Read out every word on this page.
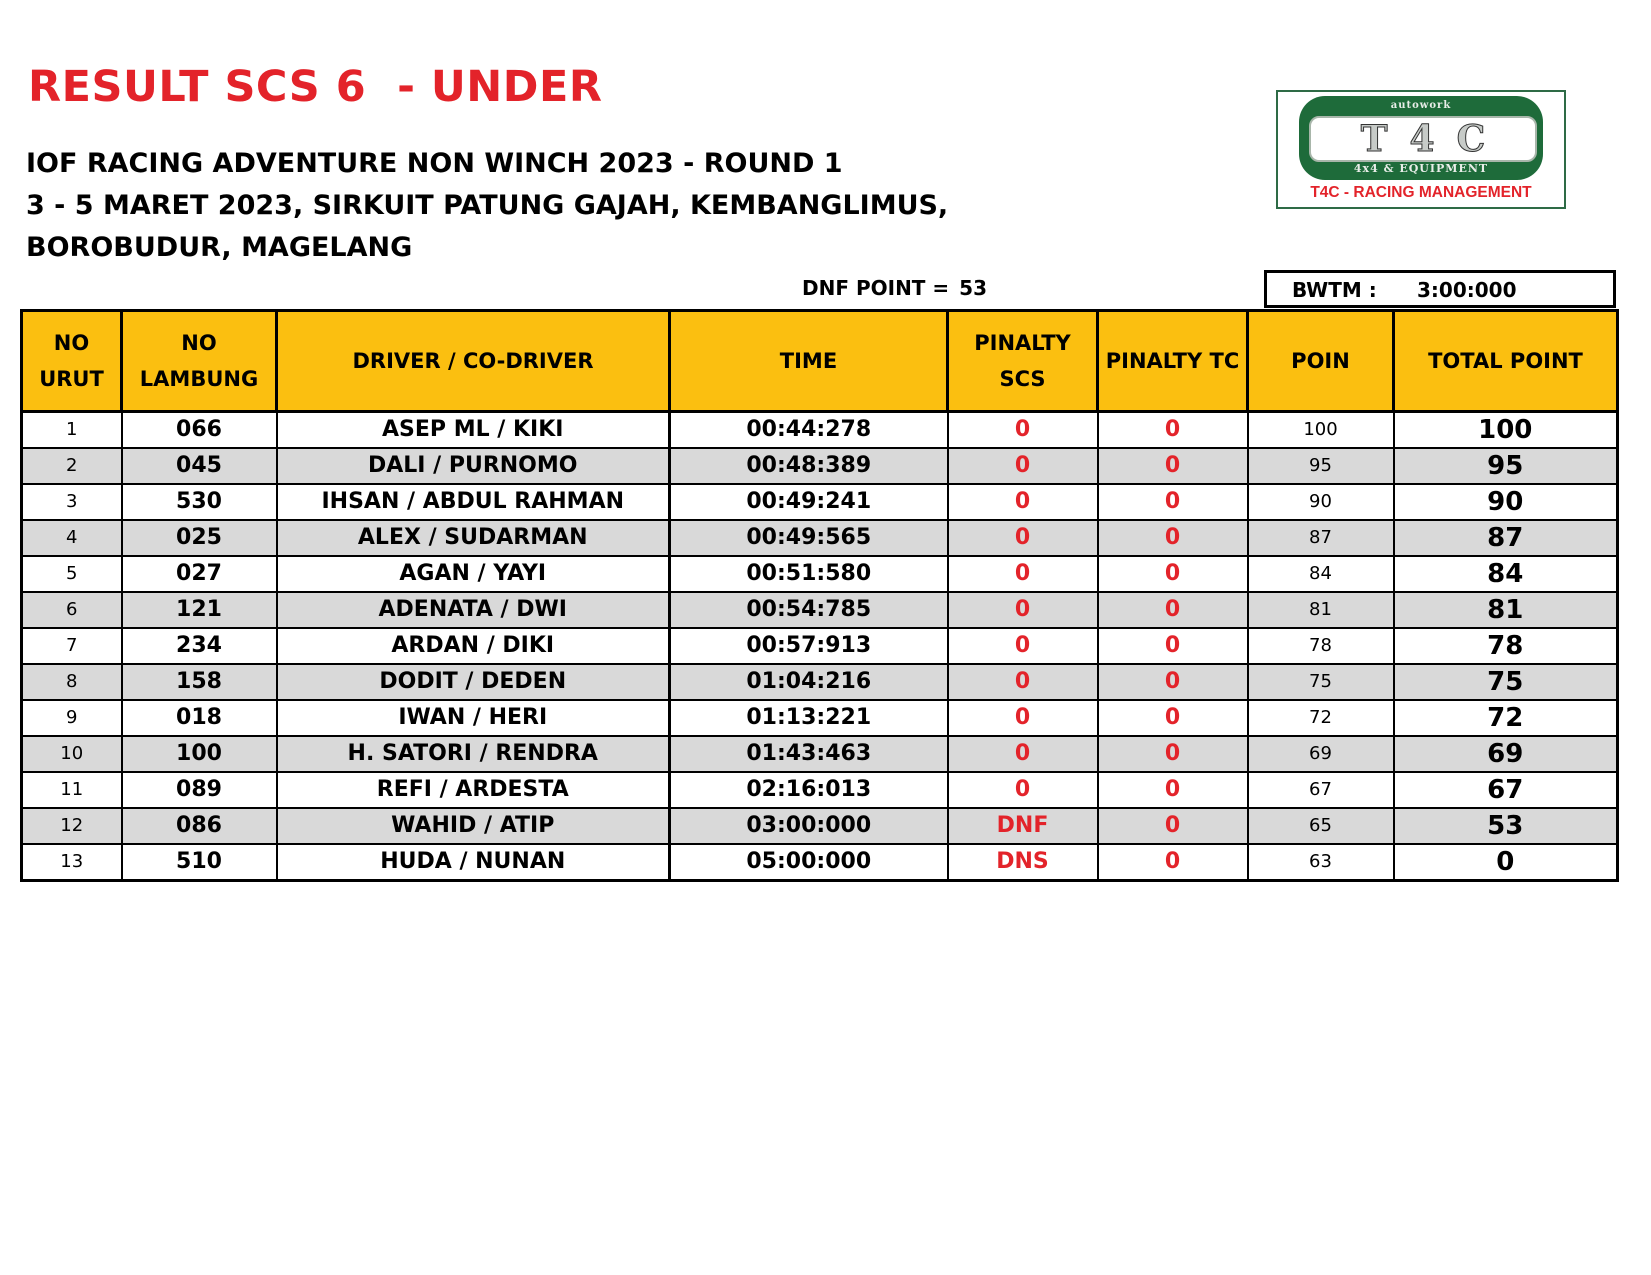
RESULT SCS 6  - UNDER
IOF RACING ADVENTURE NON WINCH 2023 - ROUND 1
3 - 5 MARET 2023, SIRKUIT PATUNG GAJAH, KEMBANGLIMUS,
BOROBUDUR, MAGELANG
autowork
T4C
4x4 & EQUIPMENT
T4C - RACING MANAGEMENT
DNF POINT = 53	BWTM : 3:00:000
NO URUT	NO LAMBUNG	DRIVER / CO-DRIVER	TIME	PINALTY SCS	PINALTY TC	POIN	TOTAL POINT
1	066	ASEP ML / KIKI	00:44:278	0	0	100	100
2	045	DALI / PURNOMO	00:48:389	0	0	95	95
3	530	IHSAN / ABDUL RAHMAN	00:49:241	0	0	90	90
4	025	ALEX / SUDARMAN	00:49:565	0	0	87	87
5	027	AGAN / YAYI	00:51:580	0	0	84	84
6	121	ADENATA / DWI	00:54:785	0	0	81	81
7	234	ARDAN / DIKI	00:57:913	0	0	78	78
8	158	DODIT / DEDEN	01:04:216	0	0	75	75
9	018	IWAN / HERI	01:13:221	0	0	72	72
10	100	H. SATORI / RENDRA	01:43:463	0	0	69	69
11	089	REFI / ARDESTA	02:16:013	0	0	67	67
12	086	WAHID / ATIP	03:00:000	DNF	0	65	53
13	510	HUDA / NUNAN	05:00:000	DNS	0	63	0
